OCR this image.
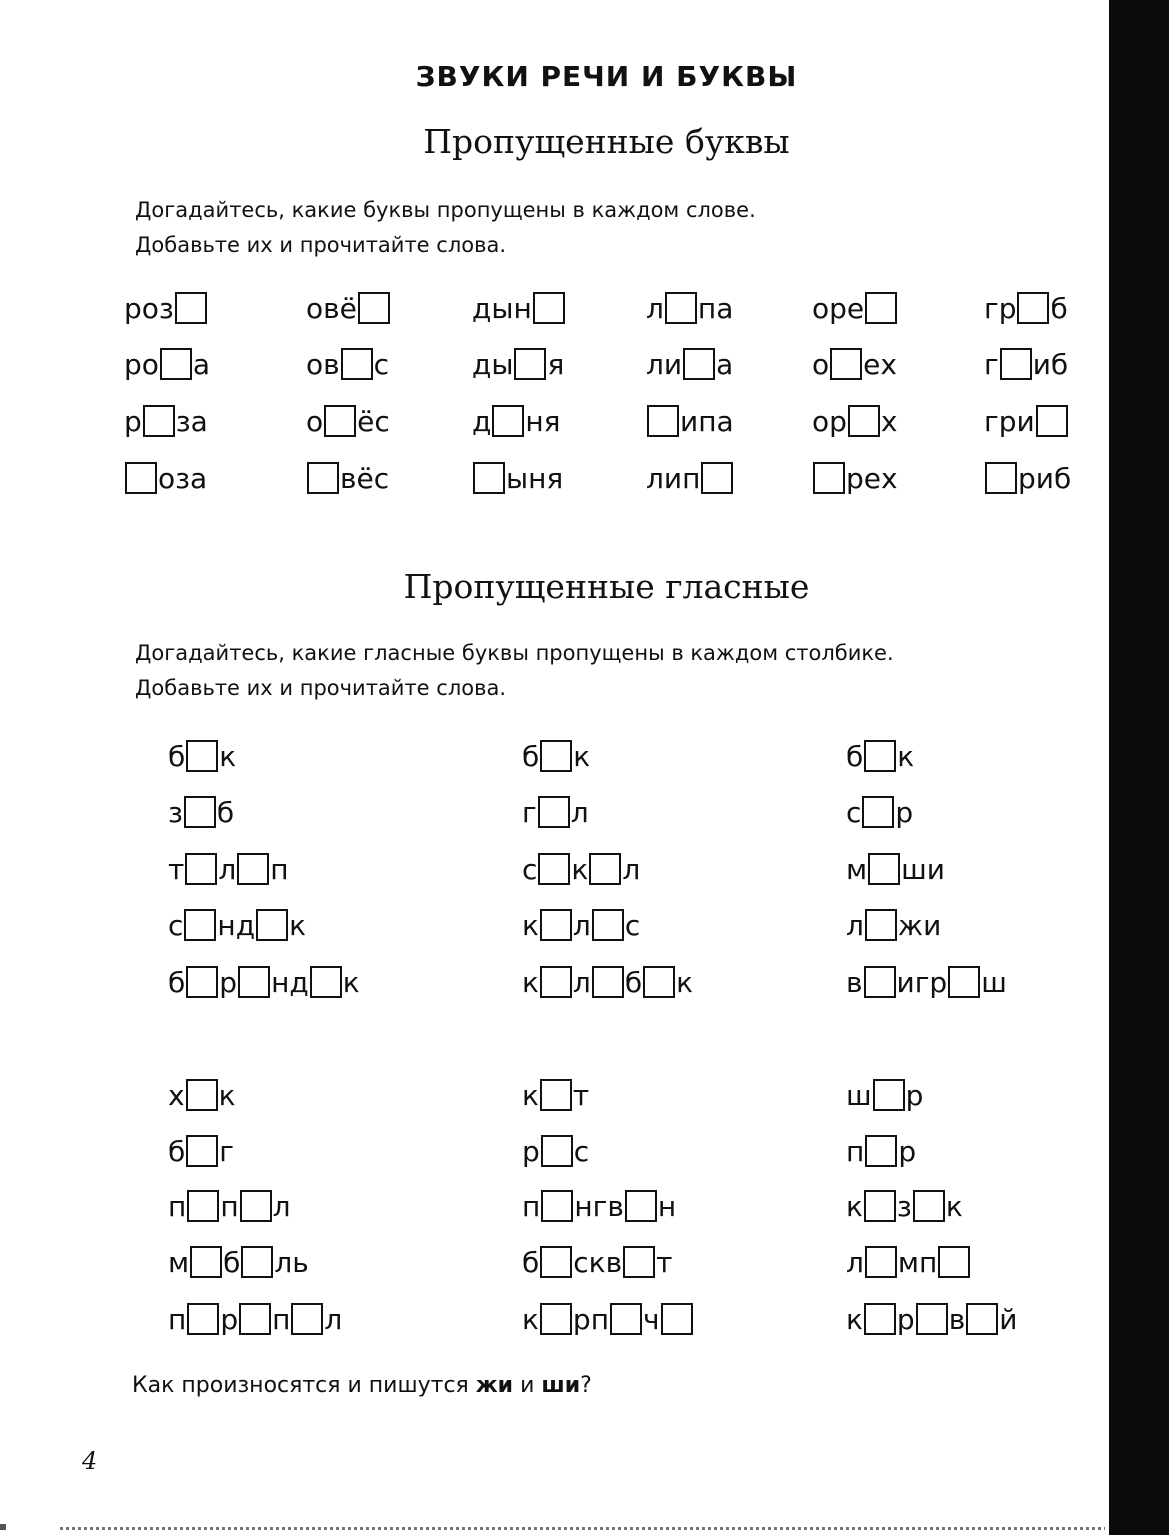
ЗВУКИ РЕЧИ И БУКВЫ
Пропущенные буквы
Догадайтесь, какие буквы пропущены в каждом слове.
Добавьте их и прочитайте слова.
роз
ро а
р за
оза
овё
ов с
о ёс
вёс
дын
ды я
д ня
ыня
л па
ли а
ипа
лип
оре
о ех
ор х
рех
гр б
г иб
гри
риб
Пропущенные гласные
Догадайтесь, какие гласные буквы пропущены в каждом столбике.
Добавьте их и прочитайте слова.
б к
з б
т л п
с нд к
б р нд к
б к
г л
с к л
к л с
к л б к
б к
с р
м ши
л жи
в игр ш
х к
б г
п п л
м б ль
п р п л
к т
р с
п нгв н
б скв т
к рп ч
ш р
п р
к з к
л мп
к р в й

Как произносятся и пишутся жи и ши?

4
